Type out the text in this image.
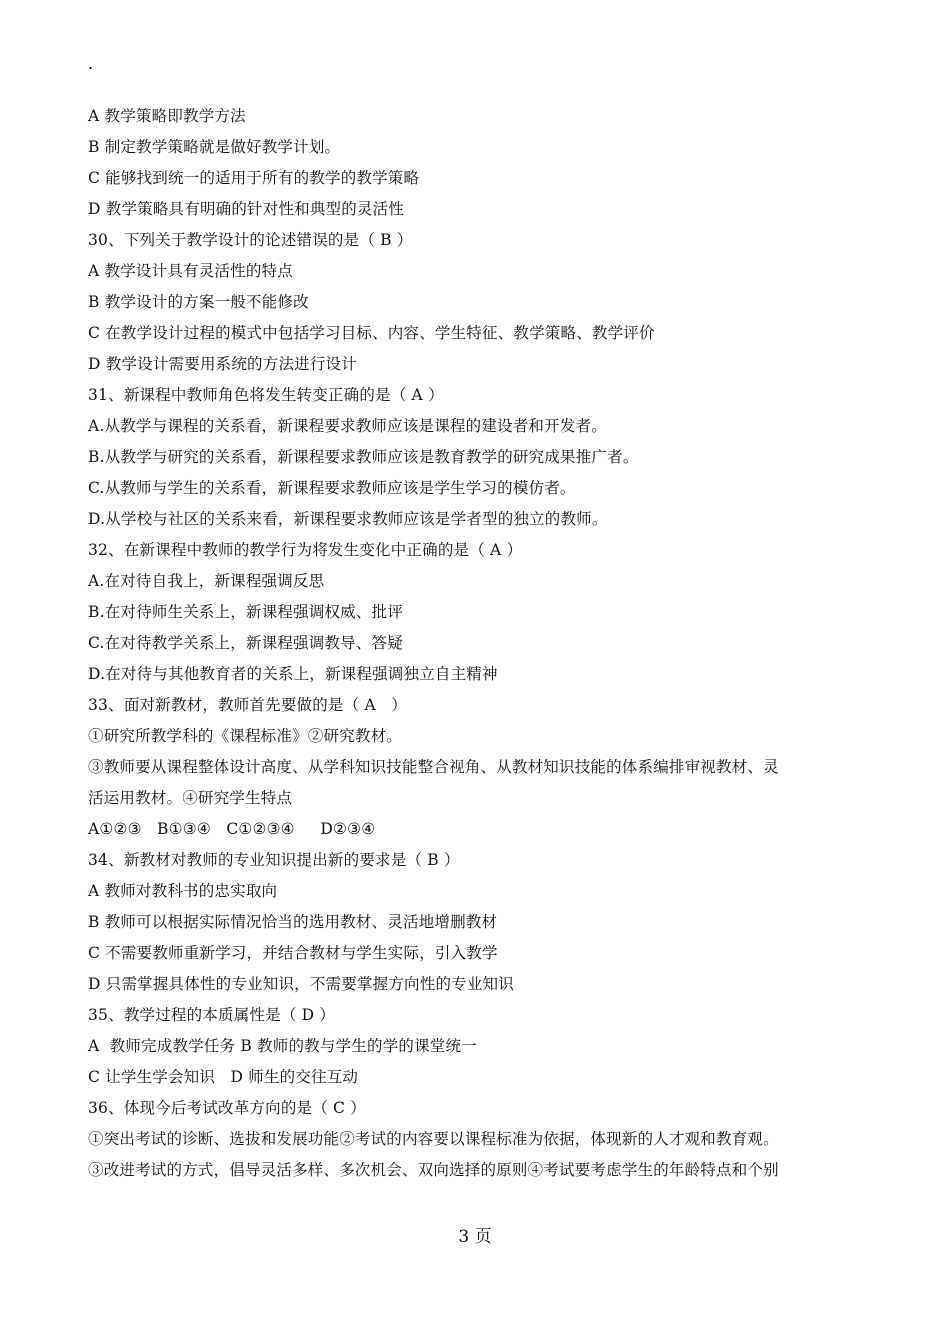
.
A 教学策略即教学方法
B 制定教学策略就是做好教学计划。
C 能够找到统一的适用于所有的教学的教学策略
D 教学策略具有明确的针对性和典型的灵活性
30、下列关于教学设计的论述错误的是（ B ）
A 教学设计具有灵活性的特点
B 教学设计的方案一般不能修改
C 在教学设计过程的模式中包括学习目标、内容、学生特征、教学策略、教学评价
D 教学设计需要用系统的方法进行设计
31、新课程中教师角色将发生转变正确的是（ A ）
A.从教学与课程的关系看，新课程要求教师应该是课程的建设者和开发者。
B.从教学与研究的关系看，新课程要求教师应该是教育教学的研究成果推广者。
C.从教师与学生的关系看，新课程要求教师应该是学生学习的模仿者。
D.从学校与社区的关系来看，新课程要求教师应该是学者型的独立的教师。
32、在新课程中教师的教学行为将发生变化中正确的是（ A ）
A.在对待自我上，新课程强调反思
B.在对待师生关系上，新课程强调权威、批评
C.在对待教学关系上，新课程强调教导、答疑
D.在对待与其他教育者的关系上，新课程强调独立自主精神
33、面对新教材，教师首先要做的是（ A   ）
①研究所教学科的《课程标准》②研究教材。
③教师要从课程整体设计高度、从学科知识技能整合视角、从教材知识技能的体系编排审视教材、灵
活运用教材。④研究学生特点
A①②③   B①③④   C①②③④     D②③④
34、新教材对教师的专业知识提出新的要求是（ B ）
A 教师对教科书的忠实取向
B 教师可以根据实际情况恰当的选用教材、灵活地增删教材
C 不需要教师重新学习，并结合教材与学生实际，引入教学
D 只需掌握具体性的专业知识，不需要掌握方向性的专业知识
35、教学过程的本质属性是（ D ）
A  教师完成教学任务 B 教师的教与学生的学的课堂统一
C 让学生学会知识   D 师生的交往互动
36、体现今后考试改革方向的是（ C ）
①突出考试的诊断、选拔和发展功能②考试的内容要以课程标准为依据，体现新的人才观和教育观。
③改进考试的方式，倡导灵活多样、多次机会、双向选择的原则④考试要考虑学生的年龄特点和个别
3 页
